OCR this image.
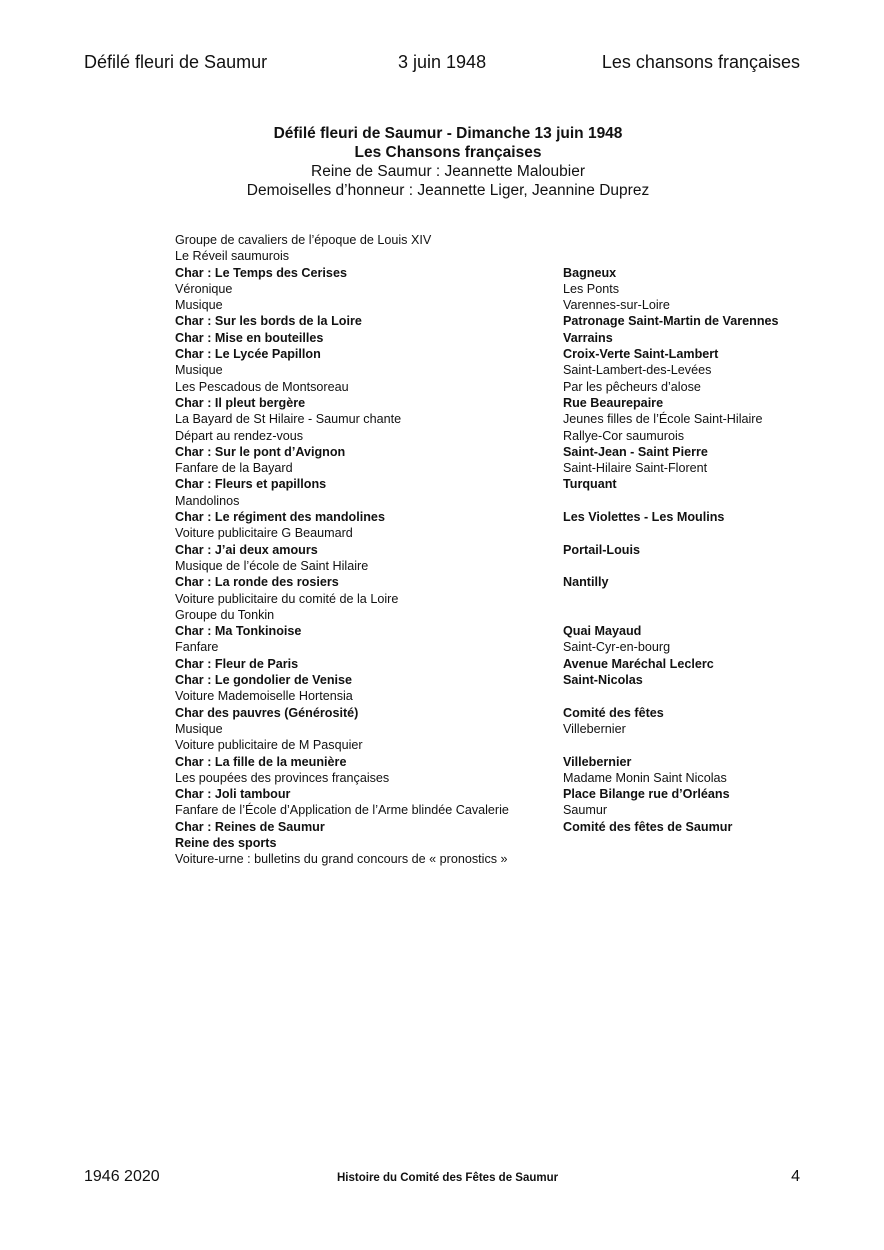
Défilé fleuri de Saumur	3 juin 1948	Les chansons françaises
Défilé fleuri de Saumur - Dimanche 13 juin 1948
Les Chansons françaises
Reine de Saumur : Jeannette Maloubier
Demoiselles d’honneur : Jeannette Liger, Jeannine Duprez
Groupe de cavaliers de l’époque de Louis XIV
Le Réveil saumurois
Char : Le Temps des Cerises	Bagneux
Véronique	Les Ponts
Musique	Varennes-sur-Loire
Char : Sur les bords de la Loire	Patronage Saint-Martin de Varennes
Char : Mise en bouteilles	Varrains
Char : Le Lycée Papillon	Croix-Verte Saint-Lambert
Musique	Saint-Lambert-des-Levées
Les Pescadous de Montsoreau	Par les pêcheurs d’alose
Char : Il pleut bergère	Rue Beaurepaire
La Bayard de St Hilaire - Saumur chante	Jeunes filles de l’École Saint-Hilaire
Départ au rendez-vous	Rallye-Cor saumurois
Char : Sur le pont d’Avignon	Saint-Jean - Saint Pierre
Fanfare de la Bayard	Saint-Hilaire Saint-Florent
Char : Fleurs et papillons	Turquant
Mandolinos
Char : Le régiment des mandolines	Les Violettes - Les Moulins
Voiture publicitaire G Beaumard
Char : J’ai deux amours	Portail-Louis
Musique de l’école de Saint Hilaire
Char : La ronde des rosiers	Nantilly
Voiture publicitaire du comité de la Loire
Groupe du Tonkin
Char : Ma Tonkinoise	Quai Mayaud
Fanfare	Saint-Cyr-en-bourg
Char : Fleur de Paris	Avenue Maréchal Leclerc
Char : Le gondolier de Venise	Saint-Nicolas
Voiture Mademoiselle Hortensia
Char des pauvres (Générosité)	Comité des fêtes
Musique	Villebernier
Voiture publicitaire de M Pasquier
Char : La fille de la meunière	Villebernier
Les poupées des provinces françaises	Madame Monin Saint Nicolas
Char : Joli tambour	Place Bilange rue d’Orléans
Fanfare de l’École d’Application de l’Arme blindée Cavalerie	Saumur
Char : Reines de Saumur	Comité des fêtes de Saumur
Reine des sports
Voiture-urne : bulletins du grand concours de « pronostics »
1946 2020	Histoire du Comité des Fêtes de Saumur	4
